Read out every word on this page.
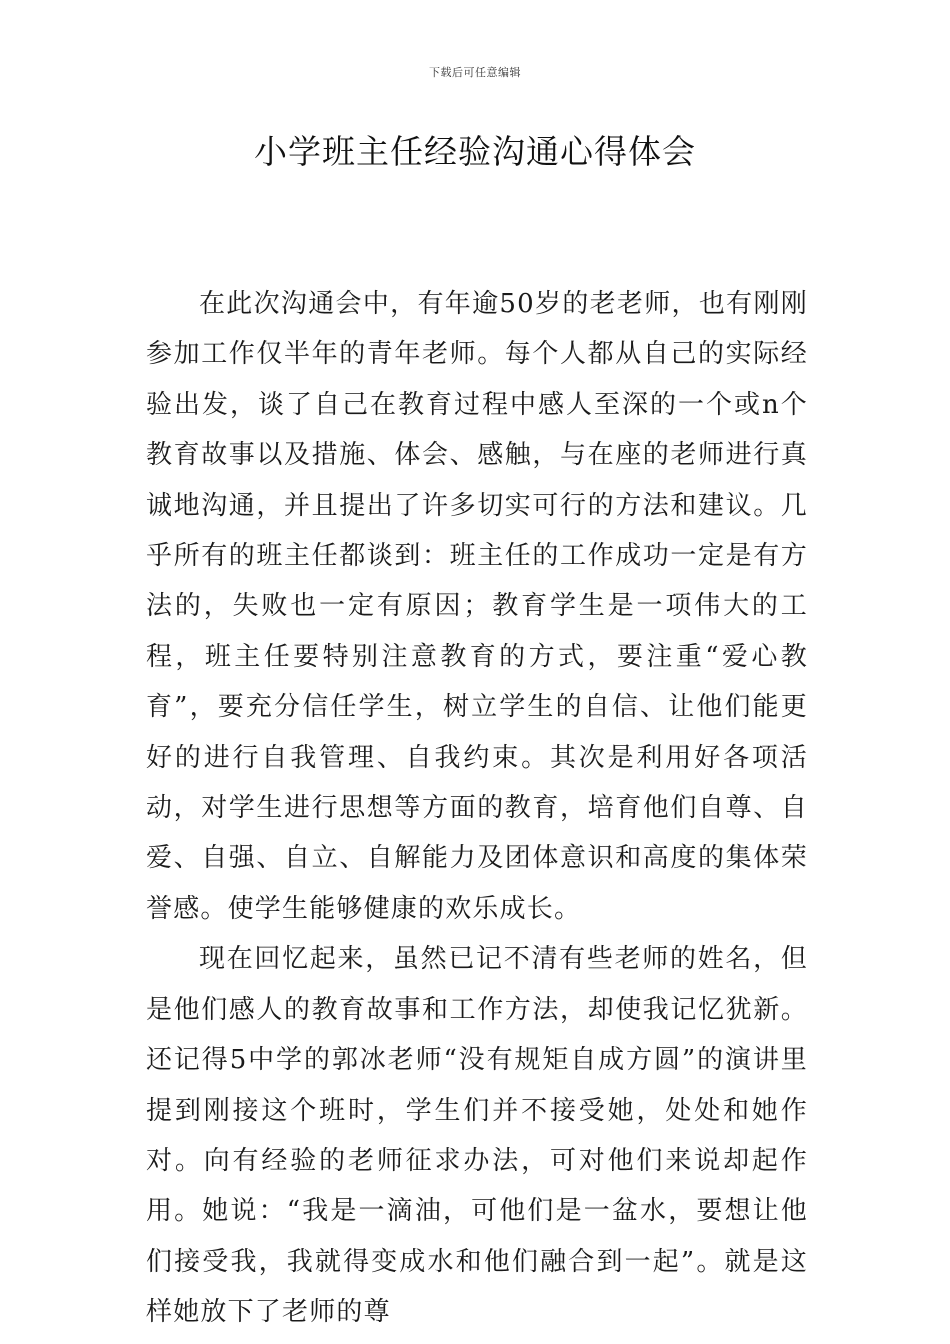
下载后可任意编辑
小学班主任经验沟通心得体会

在此次沟通会中，有年逾50岁的老老师，也有刚刚参加工作仅半年的青年老师。每个人都从自己的实际经验出发，谈了自己在教育过程中感人至深的一个或n个教育故事以及措施、体会、感触，与在座的老师进行真诚地沟通，并且提出了许多切实可行的方法和建议。几乎所有的班主任都谈到：班主任的工作成功一定是有方法的，失败也一定有原因；教育学生是一项伟大的工程，班主任要特别注意教育的方式，要注重“爱心教育”，要充分信任学生，树立学生的自信、让他们能更好的进行自我管理、自我约束。其次是利用好各项活动，对学生进行思想等方面的教育，培育他们自尊、自爱、自强、自立、自解能力及团体意识和高度的集体荣誉感。使学生能够健康的欢乐成长。

现在回忆起来，虽然已记不清有些老师的姓名，但是他们感人的教育故事和工作方法，却使我记忆犹新。还记得5中学的郭冰老师“没有规矩自成方圆”的演讲里提到刚接这个班时，学生们并不接受她，处处和她作对。向有经验的老师征求办法，可对他们来说却起作用。她说：“我是一滴油，可他们是一盆水，要想让他们接受我，我就得变成水和他们融合到一起”。就是这样她放下了老师的尊
